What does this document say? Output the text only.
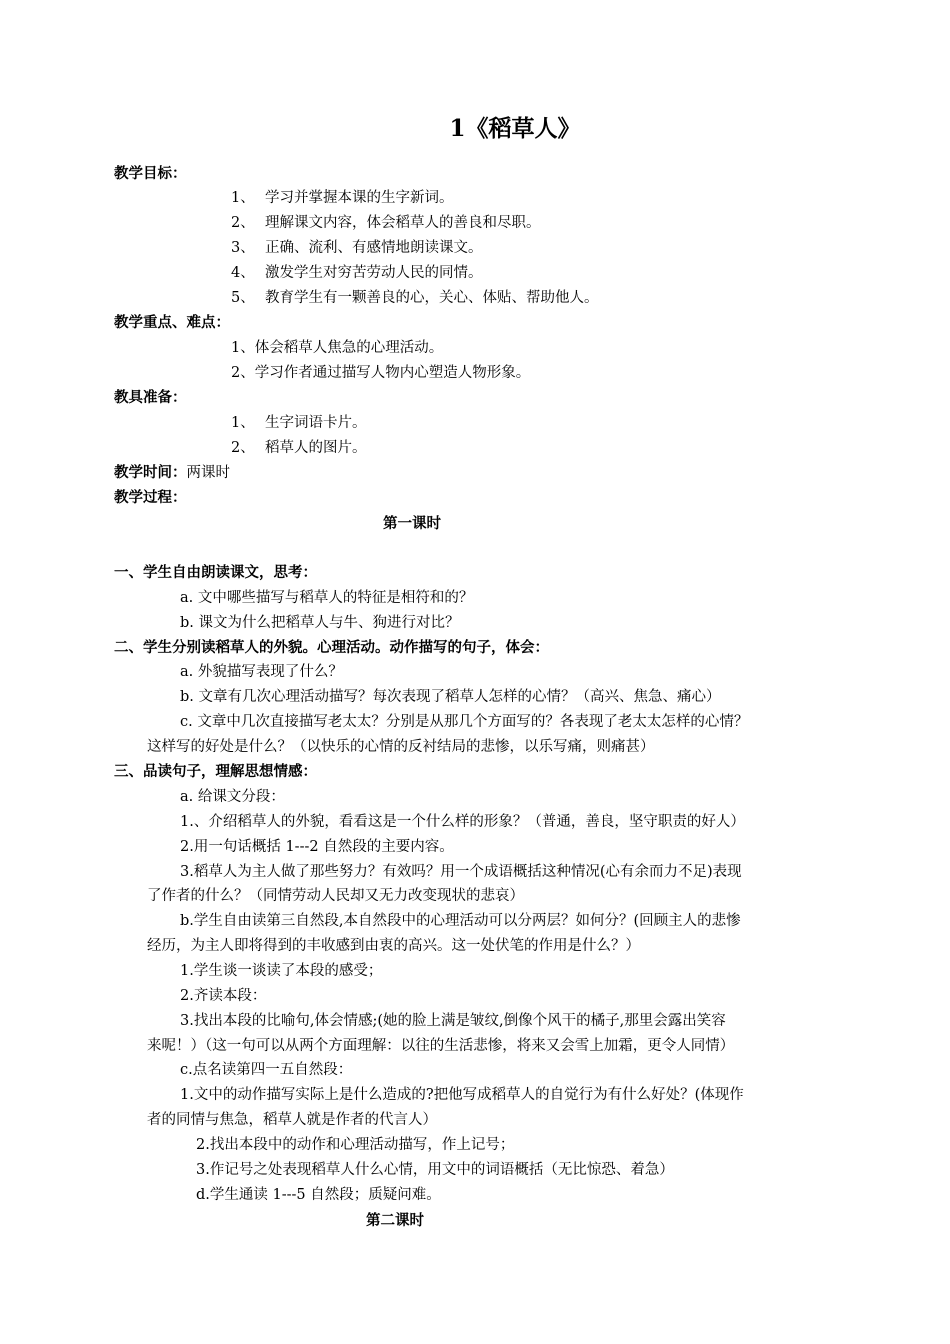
1《稻草人》
教学目标：
1、 学习并掌握本课的生字新词。
2、 理解课文内容，体会稻草人的善良和尽职。
3、 正确、流利、有感情地朗读课文。
4、 激发学生对穷苦劳动人民的同情。
5、 教育学生有一颗善良的心，关心、体贴、帮助他人。
教学重点、难点：
1、体会稻草人焦急的心理活动。
2、学习作者通过描写人物内心塑造人物形象。
教具准备：
1、 生字词语卡片。
2、 稻草人的图片。
教学时间：两课时
教学过程：
第一课时
一、学生自由朗读课文，思考：
a. 文中哪些描写与稻草人的特征是相符和的？
b. 课文为什么把稻草人与牛、狗进行对比？
二、学生分别读稻草人的外貌。心理活动。动作描写的句子，体会：
a. 外貌描写表现了什么？
b. 文章有几次心理活动描写？每次表现了稻草人怎样的心情？（高兴、焦急、痛心）
c. 文章中几次直接描写老太太？分别是从那几个方面写的？各表现了老太太怎样的心情？
这样写的好处是什么？（以快乐的心情的反衬结局的悲惨，以乐写痛，则痛甚）
三、品读句子，理解思想情感：
a. 给课文分段：
1.、介绍稻草人的外貌，看看这是一个什么样的形象？（普通，善良，坚守职责的好人）
2.用一句话概括 1---2 自然段的主要内容。
3.稻草人为主人做了那些努力？有效吗？用一个成语概括这种情况(心有余而力不足)表现
了作者的什么？（同情劳动人民却又无力改变现状的悲哀）
b.学生自由读第三自然段,本自然段中的心理活动可以分两层？如何分？(回顾主人的悲惨
经历，为主人即将得到的丰收感到由衷的高兴。这一处伏笔的作用是什么？）
1.学生谈一谈读了本段的感受；
2.齐读本段：
3.找出本段的比喻句,体会情感;(她的脸上满是皱纹,倒像个风干的橘子,那里会露出笑容
来呢！）（这一句可以从两个方面理解：以往的生活悲惨，将来又会雪上加霜，更令人同情）
c.点名读第四一五自然段：
1.文中的动作描写实际上是什么造成的?把他写成稻草人的自觉行为有什么好处？(体现作
者的同情与焦急，稻草人就是作者的代言人）
2.找出本段中的动作和心理活动描写，作上记号；
3.作记号之处表现稻草人什么心情，用文中的词语概括（无比惊恐、着急）
d.学生通读 1---5 自然段；质疑问难。
第二课时
